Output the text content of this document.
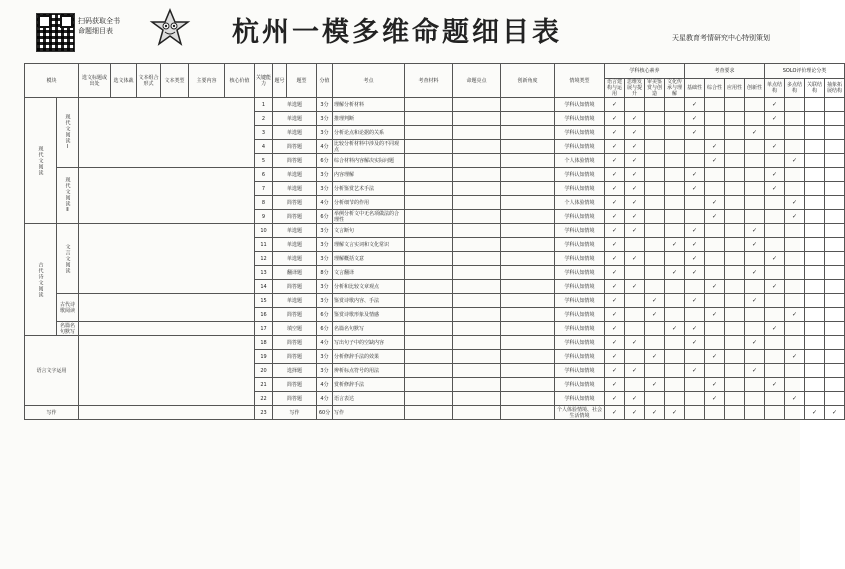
扫码获取全书
命题细目表	杭州一模多维命题细目表	天星教育考情研究中心特别策划
模块		选文标题或出处	选文体裁	文本组合形式	文本类型	主要内容	核心价值	关键能力	题号	题型	分值	考点	考查材料	命题亮点	创新角度	情境类型	学科核心素养				考查要求				SOLO评价理论分类			
																	语言建构与运用	思维发展与提升	审美鉴赏与创造	文化传承与理解	基础性	综合性	应用性	创新性	单点结构	多点结构	关联结构	抽象拓展结构
现代文阅读	现代文阅读Ⅰ							1	单选题		3分	理解分析材料				学科认知情境	✓				✓				✓			
								2	单选题		3分	推理判断				学科认知情境	✓	✓			✓				✓			
								3	单选题		3分	分析论点和论据的关系				学科认知情境	✓	✓			✓			✓				
								4	简答题		4分	比较分析材料中涉及的不同观点				学科认知情境	✓	✓				✓			✓			
								5	简答题		6分	综合材料内容解决实际问题				个人体验情境	✓	✓				✓				✓		
	现代文阅读Ⅱ							6	单选题		3分	内容理解				学科认知情境	✓	✓			✓				✓			
								7	单选题		3分	分析鉴赏艺术手法				学科认知情境	✓	✓			✓				✓			
								8	简答题		4分	分析细节的作用				个人体验情境	✓	✓				✓				✓		
								9	简答题		6分	举例分析文中无名项做法的合理性				学科认知情境	✓	✓				✓				✓		
古代诗文阅读	文言文阅读							10	单选题		3分	文言断句				学科认知情境	✓	✓			✓			✓				
								11	单选题		3分	理解文言实词和文化常识				学科认知情境	✓			✓	✓			✓				
								12	单选题		3分	理解概括文意				学科认知情境	✓	✓			✓				✓			
								13	翻译题		8分	文言翻译				学科认知情境	✓			✓	✓			✓				
								14	简答题		3分	分析和比较文章观点				学科认知情境	✓	✓				✓			✓			
	古代诗歌阅读							15	单选题		3分	鉴赏诗歌内容、手法				学科认知情境	✓		✓		✓			✓				
								16	简答题		6分	鉴赏诗歌形象及情感				学科认知情境	✓		✓			✓				✓		
	名篇名句默写							17	填空题		6分	名篇名句默写				学科认知情境	✓			✓	✓				✓			
语言文字运用								18	简答题		4分	写出句子中的空缺内容				学科认知情境	✓	✓			✓			✓				
								19	简答题		3分	分析修辞手法的效果				学科认知情境	✓		✓			✓				✓		
								20	选择题		3分	辨析标点符号的用法				学科认知情境	✓	✓			✓			✓				
								21	简答题		4分	赏析修辞手法				学科认知情境	✓		✓			✓			✓			
								22	简答题		4分	语言表达				学科认知情境	✓	✓				✓				✓		
写作								23	写作		60分	写作				个人体验情境、社会生活情境	✓	✓	✓	✓							✓	✓
